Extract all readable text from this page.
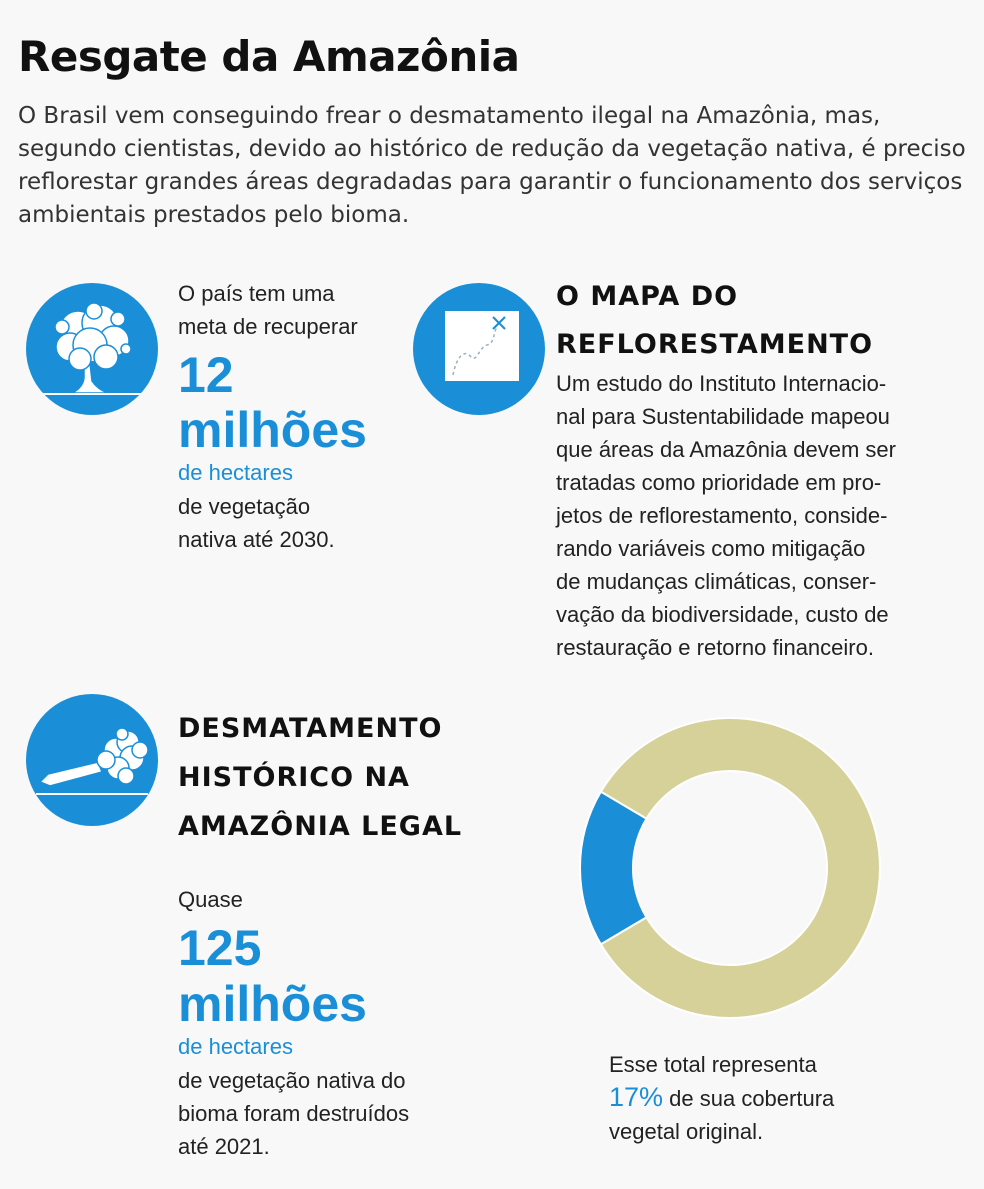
Resgate da Amazônia

O Brasil vem conseguindo frear o desmatamento ilegal na Amazônia, mas, segundo cientistas, devido ao histórico de redução da vegetação nativa, é preciso reflorestar grandes áreas degradadas para garantir o funcionamento dos serviços ambientais prestados pelo bioma.

O país tem uma
meta de recuperar
12
milhões
de hectares
de vegetação
nativa até 2030.
O MAPA DO
REFLORESTAMENTO
Um estudo do Instituto Internacio-
nal para Sustentabilidade mapeou
que áreas da Amazônia devem ser
tratadas como prioridade em pro-
jetos de reflorestamento, conside-
rando variáveis como mitigação
de mudanças climáticas, conser-
vação da biodiversidade, custo de
restauração e retorno financeiro.
DESMATAMENTO
HISTÓRICO NA
AMAZÔNIA LEGAL
Quase
125
milhões
de hectares
de vegetação nativa do
bioma foram destruídos
até 2021.
Esse total representa
17% de sua cobertura
vegetal original.
